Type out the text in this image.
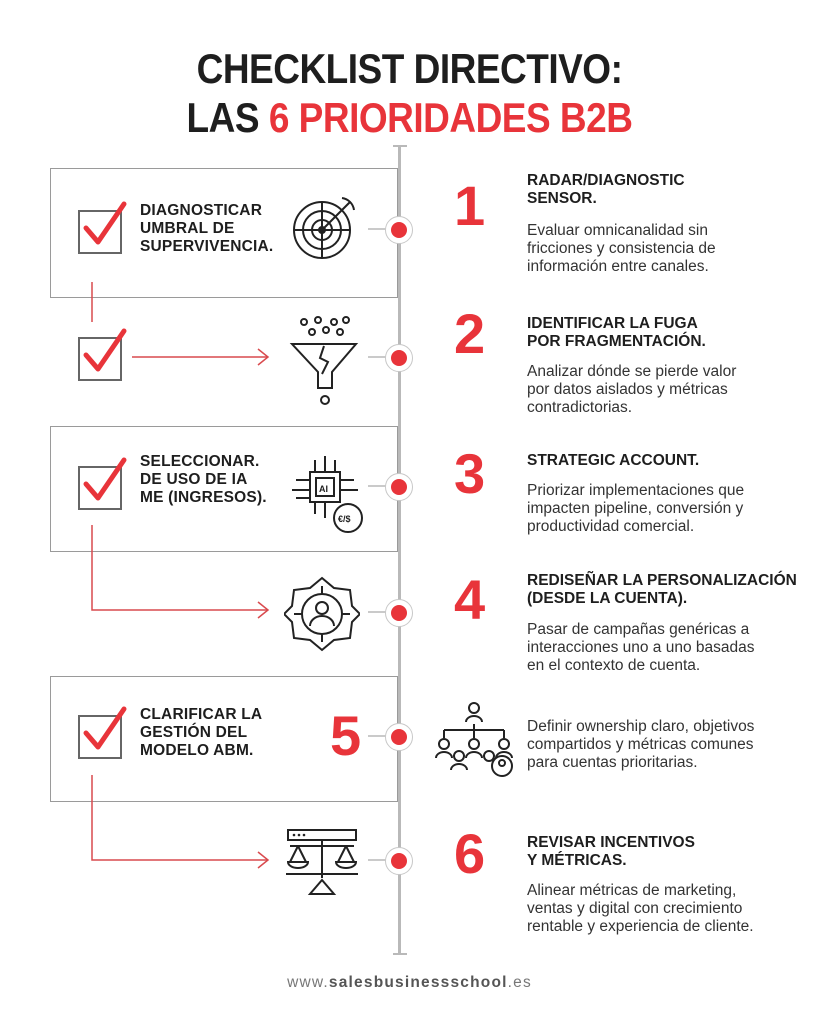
CHECKLIST DIRECTIVO:
LAS 6 PRIORIDADES B2B
DIAGNOSTICAR
UMBRAL DE
SUPERVIVENCIA.
SELECCIONAR.
DE USO DE IA
ME (INGRESOS).
CLARIFICAR LA
GESTIÓN DEL
MODELO ABM.
AI
€/$
1
2
3
4
5
6
RADAR/DIAGNOSTIC
SENSOR.
Evaluar omnicanalidad sin
fricciones y consistencia de
información entre canales.
IDENTIFICAR LA FUGA
POR FRAGMENTACIÓN.
Analizar dónde se pierde valor
por datos aislados y métricas
contradictorias.
STRATEGIC ACCOUNT.
Priorizar implementaciones que
impacten pipeline, conversión y
productividad comercial.
REDISEÑAR LA PERSONALIZACIÓN
(DESDE LA CUENTA).
Pasar de campañas genéricas a
interacciones uno a uno basadas
en el contexto de cuenta.
Definir ownership claro, objetivos
compartidos y métricas comunes
para cuentas prioritarias.
REVISAR INCENTIVOS
Y MÉTRICAS.
Alinear métricas de marketing,
ventas y digital con crecimiento
rentable y experiencia de cliente.
www.salesbusinessschool.es
